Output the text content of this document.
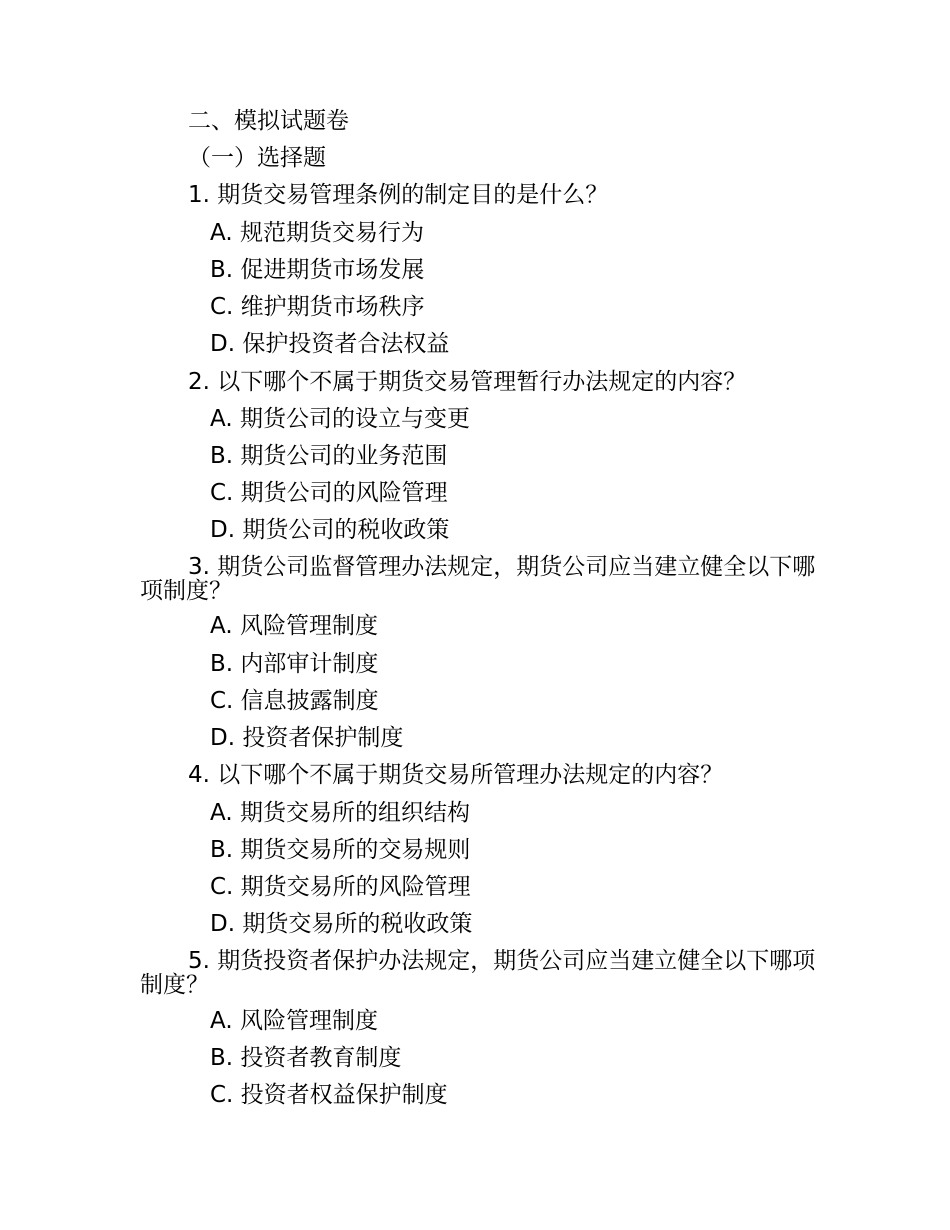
二、模拟试题卷
（一）选择题
1. 期货交易管理条例的制定目的是什么？
A. 规范期货交易行为
B. 促进期货市场发展
C. 维护期货市场秩序
D. 保护投资者合法权益
2. 以下哪个不属于期货交易管理暂行办法规定的内容？
A. 期货公司的设立与变更
B. 期货公司的业务范围
C. 期货公司的风险管理
D. 期货公司的税收政策
3. 期货公司监督管理办法规定，期货公司应当建立健全以下哪项制度？
A. 风险管理制度
B. 内部审计制度
C. 信息披露制度
D. 投资者保护制度
4. 以下哪个不属于期货交易所管理办法规定的内容？
A. 期货交易所的组织结构
B. 期货交易所的交易规则
C. 期货交易所的风险管理
D. 期货交易所的税收政策
5. 期货投资者保护办法规定，期货公司应当建立健全以下哪项制度？
A. 风险管理制度
B. 投资者教育制度
C. 投资者权益保护制度
